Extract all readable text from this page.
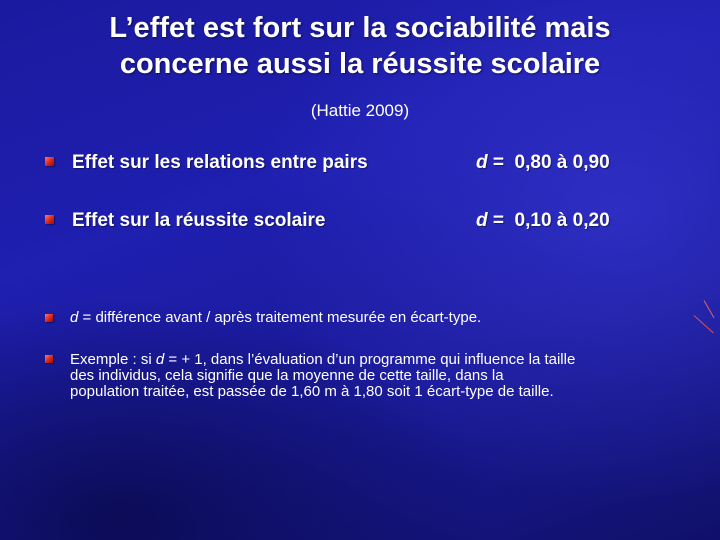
L’effet est fort sur la sociabilité mais
concerne aussi la réussite scolaire
(Hattie 2009)
Effet sur les relations entre pairs	d =  0,80 à 0,90
Effet sur la réussite scolaire	d =  0,10 à 0,20
d = différence avant / après traitement mesurée en écart-type.
Exemple : si d = + 1, dans l’évaluation d’un programme qui influence la taille
des individus, cela signifie que la moyenne de cette taille, dans la
population traitée, est passée de 1,60 m à 1,80 soit 1 écart-type de taille.
